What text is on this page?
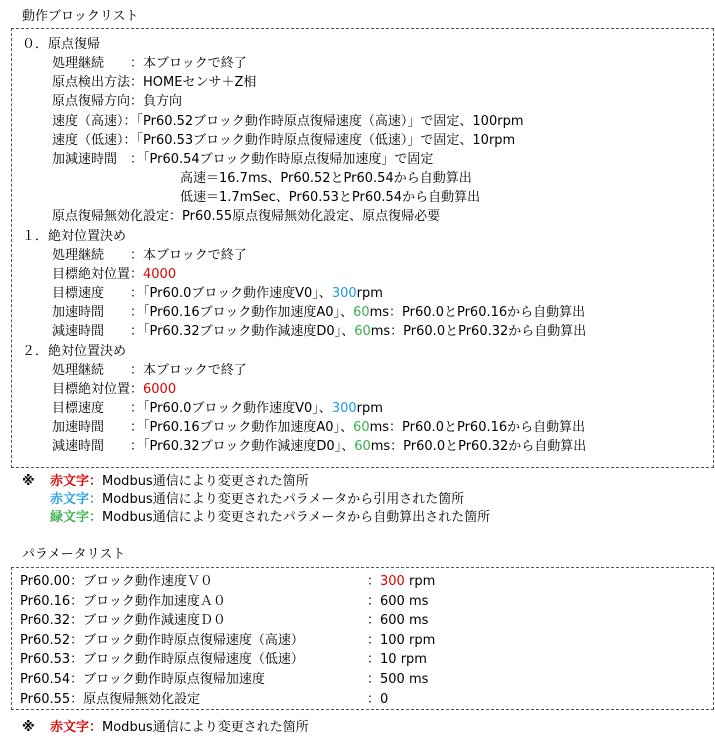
動作ブロックリスト
０．原点復帰
処理継続　　：本ブロックで終了
原点検出方法：HOMEセンサ＋Z相
原点復帰方向：負方向
速度（高速）：「Pr60.52ブロック動作時原点復帰速度（高速）」で固定、100rpm
速度（低速）：「Pr60.53ブロック動作時原点復帰速度（低速）」で固定、10rpm
加減速時間　：「Pr60.54ブロック動作時原点復帰加速度」で固定
高速＝16.7ms、Pr60.52とPr60.54から自動算出
低速＝1.7mSec、Pr60.53とPr60.54から自動算出
原点復帰無効化設定：Pr60.55原点復帰無効化設定、原点復帰必要
１．絶対位置決め
処理継続　　：本ブロックで終了
目標絶対位置：4000
目標速度　　：「Pr60.0ブロック動作速度V0」、300rpm
加速時間　　：「Pr60.16ブロック動作加速度A0」、60ms：Pr60.0とPr60.16から自動算出
減速時間　　：「Pr60.32ブロック動作減速度D0」、60ms：Pr60.0とPr60.32から自動算出
２．絶対位置決め
処理継続　　：本ブロックで終了
目標絶対位置：6000
目標速度　　：「Pr60.0ブロック動作速度V0」、300rpm
加速時間　　：「Pr60.16ブロック動作加速度A0」、60ms：Pr60.0とPr60.16から自動算出
減速時間　　：「Pr60.32ブロック動作減速度D0」、60ms：Pr60.0とPr60.32から自動算出
※ 赤文字：Modbus通信により変更された箇所
赤文字：Modbus通信により変更されたパラメータから引用された箇所
緑文字：Modbus通信により変更されたパラメータから自動算出された箇所
パラメータリスト
Pr60.00：ブロック動作速度Ｖ０	：300 rpm
Pr60.16：ブロック動作加速度Ａ０	：600 ms
Pr60.32：ブロック動作減速度Ｄ０	：600 ms
Pr60.52：ブロック動作時原点復帰速度（高速）	：100 rpm
Pr60.53：ブロック動作時原点復帰速度（低速）	：10 rpm
Pr60.54：ブロック動作時原点復帰加速度	：500 ms
Pr60.55：原点復帰無効化設定	：0
※ 赤文字：Modbus通信により変更された箇所
